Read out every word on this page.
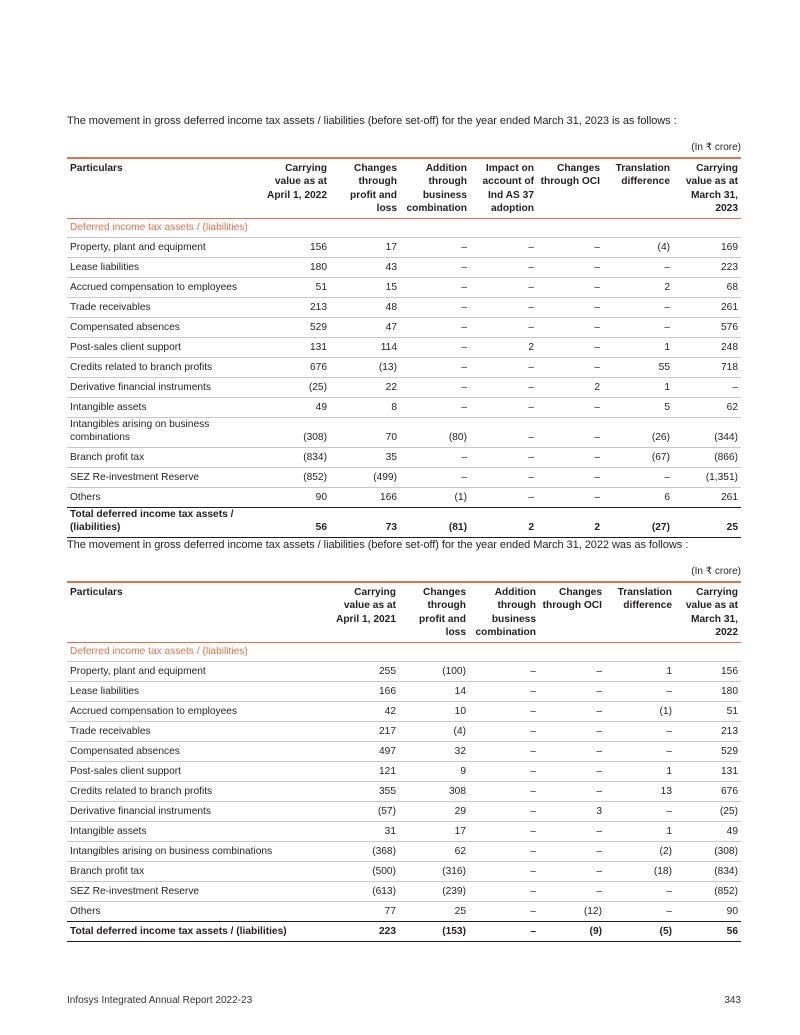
The movement in gross deferred income tax assets / liabilities (before set-off) for the year ended March 31, 2023 is as follows :
(In ₹ crore)
Particulars	Carrying
value as at
April 1, 2022	Changes
through
profit and
loss	Addition
through
business
combination	Impact on
account of
Ind AS 37
adoption	Changes
through OCI	Translation
difference	Carrying
value as at
March 31,
2023
Deferred income tax assets / (liabilities)							
Property, plant and equipment	156	17	–	–	–	(4)	169
Lease liabilities	180	43	–	–	–	–	223
Accrued compensation to employees	51	15	–	–	–	2	68
Trade receivables	213	48	–	–	–	–	261
Compensated absences	529	47	–	–	–	–	576
Post-sales client support	131	114	–	2	–	1	248
Credits related to branch profits	676	(13)	–	–	–	55	718
Derivative financial instruments	(25)	22	–	–	2	1	–
Intangible assets	49	8	–	–	–	5	62
Intangibles arising on business combinations	(308)	70	(80)	–	–	(26)	(344)
Branch profit tax	(834)	35	–	–	–	(67)	(866)
SEZ Re-investment Reserve	(852)	(499)	–	–	–	–	(1,351)
Others	90	166	(1)	–	–	6	261
Total deferred income tax assets / (liabilities)	56	73	(81)	2	2	(27)	25
The movement in gross deferred income tax assets / liabilities (before set-off) for the year ended March 31, 2022 was as follows :
(In ₹ crore)
Particulars	Carrying
value as at
April 1, 2021	Changes
through
profit and
loss	Addition
through
business
combination	Changes
through OCI	Translation
difference	Carrying
value as at
March 31,
2022
Deferred income tax assets / (liabilities)						
Property, plant and equipment	255	(100)	–	–	1	156
Lease liabilities	166	14	–	–	–	180
Accrued compensation to employees	42	10	–	–	(1)	51
Trade receivables	217	(4)	–	–	–	213
Compensated absences	497	32	–	–	–	529
Post-sales client support	121	9	–	–	1	131
Credits related to branch profits	355	308	–	–	13	676
Derivative financial instruments	(57)	29	–	3	–	(25)
Intangible assets	31	17	–	–	1	49
Intangibles arising on business combinations	(368)	62	–	–	(2)	(308)
Branch profit tax	(500)	(316)	–	–	(18)	(834)
SEZ Re-investment Reserve	(613)	(239)	–	–	–	(852)
Others	77	25	–	(12)	–	90
Total deferred income tax assets / (liabilities)	223	(153)	–	(9)	(5)	56
Infosys Integrated Annual Report 2022-23	343
